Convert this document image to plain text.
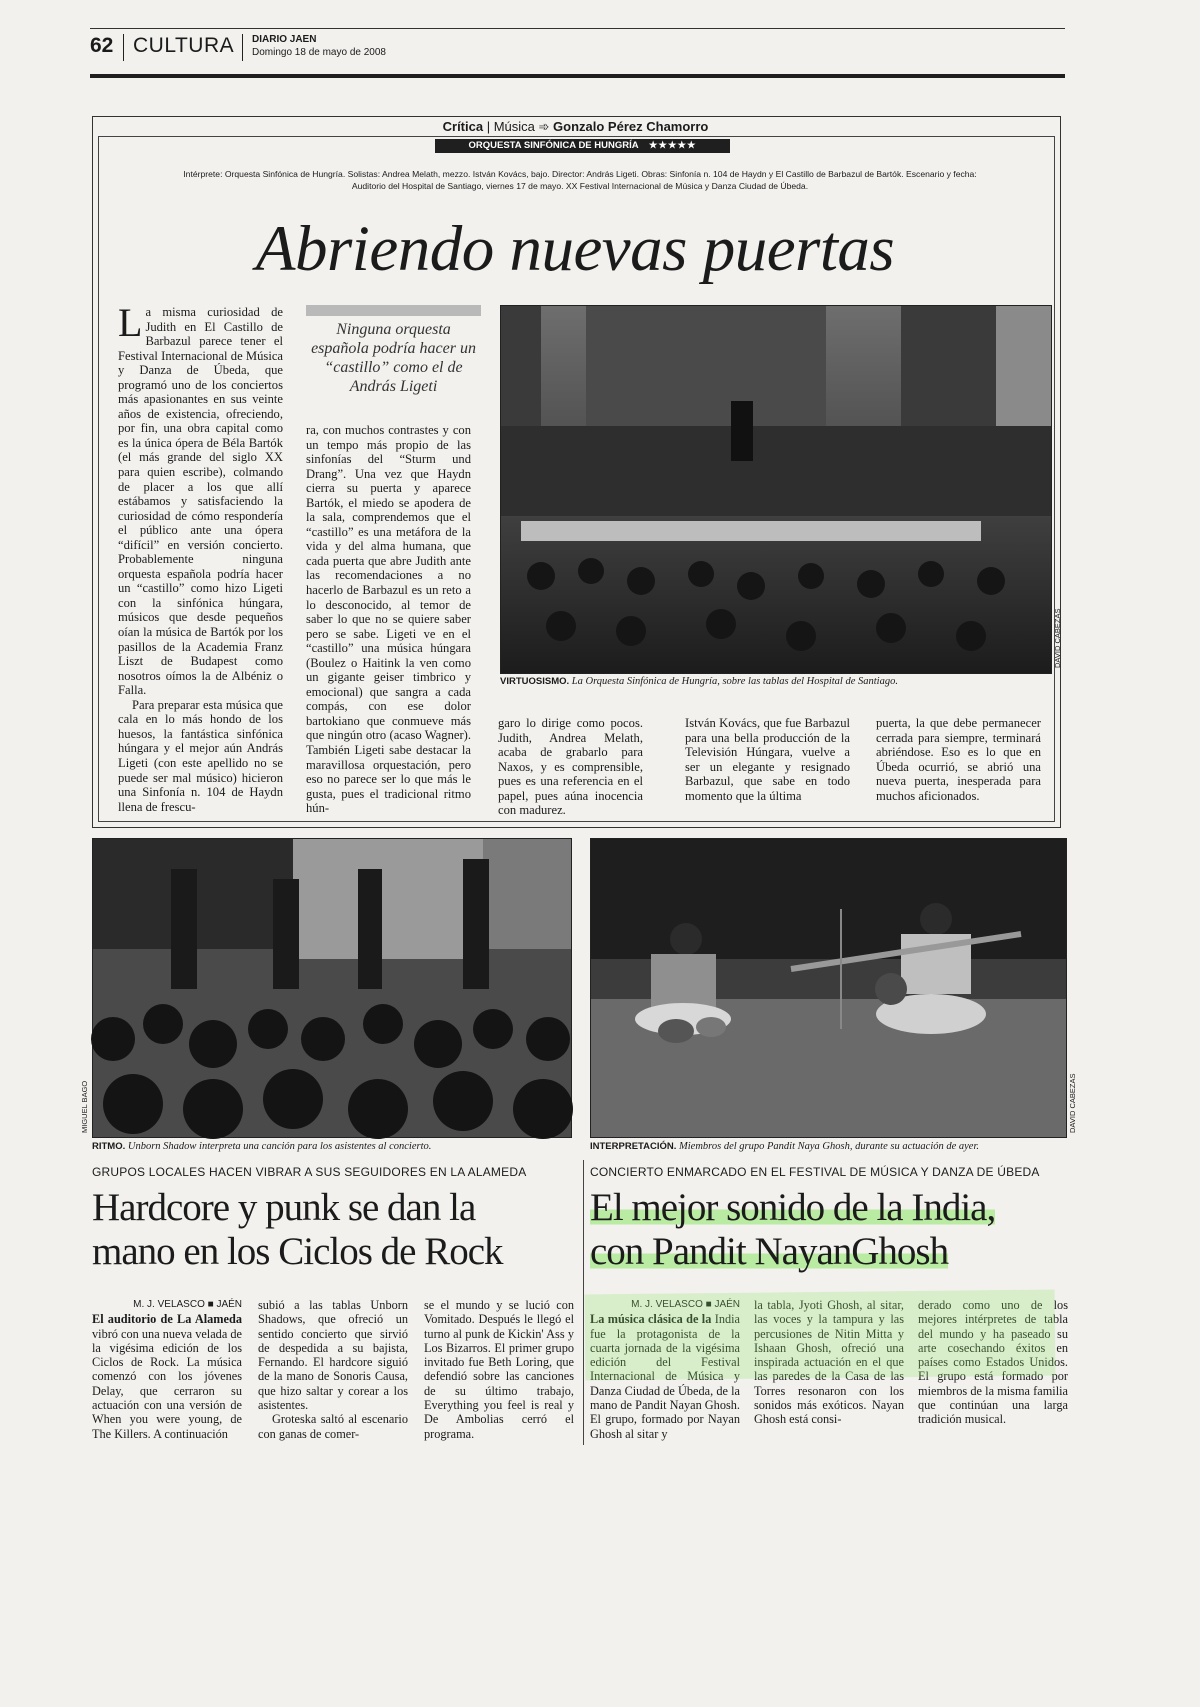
62 CULTURA DIARIO JAEN
Domingo 18 de mayo de 2008
Crítica | Música ➾ Gonzalo Pérez Chamorro
ORQUESTA SINFÓNICA DE HUNGRÍA ★★★★★
Intérprete: Orquesta Sinfónica de Hungría. Solistas: Andrea Melath, mezzo. István Kovács, bajo. Director: András Ligeti. Obras: Sinfonía n. 104 de Haydn y El Castillo de Barbazul de Bartók. Escenario y fecha:
Auditorio del Hospital de Santiago, viernes 17 de mayo. XX Festival Internacional de Música y Danza Ciudad de Úbeda.
Abriendo nuevas puertas

La misma curiosidad de Judith en El Castillo de Barbazul parece tener el Festival Internacional de Música y Danza de Úbeda, que programó uno de los conciertos más apasionantes en sus veinte años de existencia, ofreciendo, por fin, una obra capital como es la única ópera de Béla Bartók (el más grande del siglo XX para quien escribe), colmando de placer a los que allí estábamos y satisfaciendo la curiosidad de cómo respondería el público ante una ópera “difícil” en versión concierto. Probablemente ninguna orquesta española podría hacer un “castillo” como hizo Ligeti con la sinfónica húngara, músicos que desde pequeños oían la música de Bartók por los pasillos de la Academia Franz Liszt de Budapest como nosotros oímos la de Albéniz o Falla.

Para preparar esta música que cala en lo más hondo de los huesos, la fantástica sinfónica húngara y el mejor aún András Ligeti (con este apellido no se puede ser mal músico) hicieron una Sinfonía n. 104 de Haydn llena de frescu-

Ninguna orquesta española podría hacer un “castillo” como el de András Ligeti

ra, con muchos contrastes y con un tempo más propio de las sinfonías del “Sturm und Drang”. Una vez que Haydn cierra su puerta y aparece Bartók, el miedo se apodera de la sala, comprendemos que el “castillo” es una metáfora de la vida y del alma humana, que cada puerta que abre Judith ante las recomendaciones a no hacerlo de Barbazul es un reto a lo desconocido, al temor de saber lo que no se quiere saber pero se sabe. Ligeti ve en el “castillo” una música húngara (Boulez o Haitink la ven como un gigante geiser timbrico y emocional) que sangra a cada compás, con ese dolor bartokiano que conmueve más que ningún otro (acaso Wagner). También Ligeti sabe destacar la maravillosa orquestación, pero eso no parece ser lo que más le gusta, pues el tradicional ritmo hún-

DAVID CABEZAS
VIRTUOSISMO. La Orquesta Sinfónica de Hungría, sobre las tablas del Hospital de Santiago.

garo lo dirige como pocos. Judith, Andrea Melath, acaba de grabarlo para Naxos, y es comprensible, pues es una referencia en el papel, pues aúna inocencia con madurez.

István Kovács, que fue Barbazul para una bella producción de la Televisión Húngara, vuelve a ser un elegante y resignado Barbazul, que sabe en todo momento que la última

puerta, la que debe permanecer cerrada para siempre, terminará abriéndose. Eso es lo que en Úbeda ocurrió, se abrió una nueva puerta, inesperada para muchos aficionados.

MIGUEL BAGO
RITMO. Unborn Shadow interpreta una canción para los asistentes al concierto.
GRUPOS LOCALES HACEN VIBRAR A SUS SEGUIDORES EN LA ALAMEDA
Hardcore y punk se dan la
mano en los Ciclos de Rock

M. J. VELASCO ■ JAÉN

El auditorio de La Alameda vibró con una nueva velada de la vigésima edición de los Ciclos de Rock. La música comenzó con los jóvenes Delay, que cerraron su actuación con una versión de When you were young, de The Killers. A continuación

subió a las tablas Unborn Shadows, que ofreció un sentido concierto que sirvió de despedida a su bajista, Fernando. El hardcore siguió de la mano de Sonoris Causa, que hizo saltar y corear a los asistentes.

Groteska saltó al escenario con ganas de comer-

se el mundo y se lució con Vomitado. Después le llegó el turno al punk de Kickin' Ass y Los Bizarros. El primer grupo invitado fue Beth Loring, que defendió sobre las canciones de su último trabajo, Everything you feel is real y De Ambolias cerró el programa.

DAVID CABEZAS
INTERPRETACIÓN. Miembros del grupo Pandit Naya Ghosh, durante su actuación de ayer.
CONCIERTO ENMARCADO EN EL FESTIVAL DE MÚSICA Y DANZA DE ÚBEDA
El mejor sonido de la India,
con Pandit NayanGhosh

M. J. VELASCO ■ JAÉN

La música clásica de la India fue la protagonista de la cuarta jornada de la vigésima edición del Festival Internacional de Música y Danza Ciudad de Úbeda, de la mano de Pandit Nayan Ghosh. El grupo, formado por Nayan Ghosh al sitar y

la tabla, Jyoti Ghosh, al sitar, las voces y la tampura y las percusiones de Nitin Mitta y Ishaan Ghosh, ofreció una inspirada actuación en el que las paredes de la Casa de las Torres resonaron con los sonidos más exóticos. Nayan Ghosh está consi-

derado como uno de los mejores intérpretes de tabla del mundo y ha paseado su arte cosechando éxitos en países como Estados Unidos. El grupo está formado por miembros de la misma familia que continúan una larga tradición musical.
